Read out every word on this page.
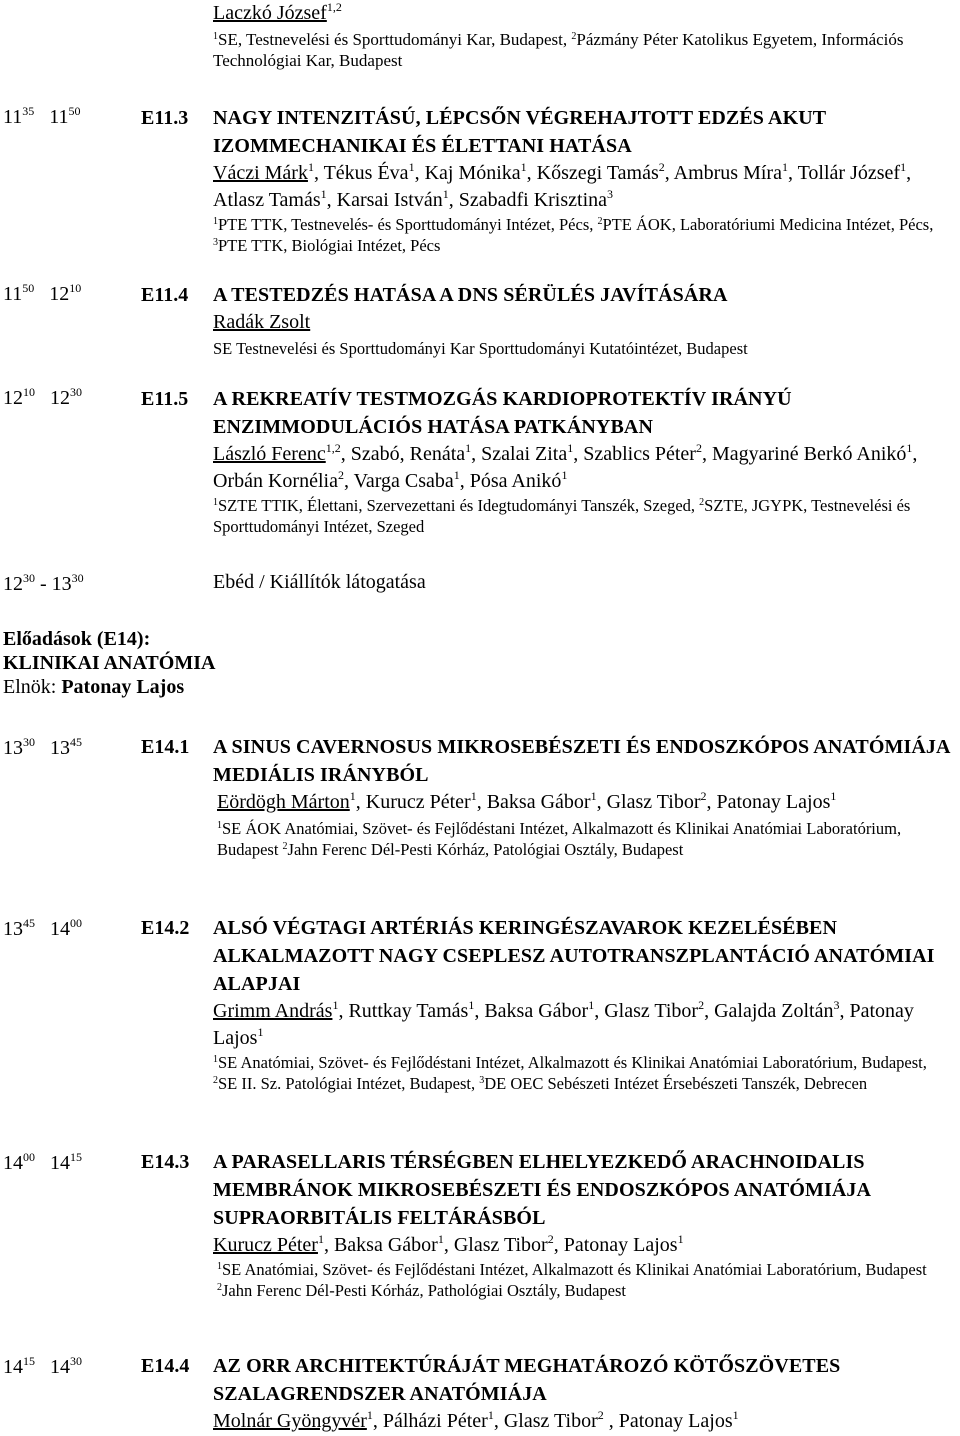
Laczkó József$^{1,2}$

$^1$SE, Testnevelési és Sporttudományi Kar, Budapest, $^2$Pázmány Péter Katolikus Egyetem, Információs Technológiai Kar, Budapest

$11^{35}$ $11^{50}$	E11.3 NAGY INTENZITÁSÚ, LÉPCSŐN VÉGREHAJTOTT EDZÉS AKUT IZOMMECHANIKAI ÉS ÉLETTANI HATÁSA

Váczi Márk$^1$, Tékus Éva$^1$, Kaj Mónika$^1$, Kőszegi Tamás$^2$, Ambrus Míra$^1$, Tollár József$^1$, Atlasz Tamás$^1$, Karsai István$^1$, Szabadfi Krisztina$^3$

$^1$PTE TTK, Testnevelés- és Sporttudományi Intézet, Pécs, $^2$PTE ÁOK, Laboratóriumi Medicina Intézet, Pécs, $^3$PTE TTK, Biológiai Intézet, Pécs

$11^{50}$ $12^{10}$	E11.4 A TESTEDZÉS HATÁSA A DNS SÉRÜLÉS JAVÍTÁSÁRA

Radák Zsolt

SE Testnevelési és Sporttudományi Kar Sporttudományi Kutatóintézet, Budapest

$12^{10}$ $12^{30}$	E11.5 A REKREATÍV TESTMOZGÁS KARDIOPROTEKTÍV IRÁNYÚ ENZIMMODULÁCIÓS HATÁSA PATKÁNYBAN

László Ferenc$^{1,2}$, Szabó, Renáta$^1$, Szalai Zita$^1$, Szablics Péter$^2$, Magyariné Berkó Anikó$^1$, Orbán Kornélia$^2$, Varga Csaba$^1$, Pósa Anikó$^1$

$^1$SZTE TTIK, Élettani, Szervezettani és Idegtudományi Tanszék, Szeged, $^2$SZTE, JGYPK, Testnevelési és Sporttudományi Intézet, Szeged

$12^{30} - 13^{30}$	Ebéd / Kiállítók látogatása

Előadások (E14):
KLINIKAI ANATÓMIA
Elnök: Patonay Lajos
$13^{30}$ $13^{45}$	E14.1 A SINUS CAVERNOSUS MIKROSEBÉSZETI ÉS ENDOSZKÓPOS ANATÓMIÁJA MEDIÁLIS IRÁNYBÓL

Eördögh Márton$^1$, Kurucz Péter$^1$, Baksa Gábor$^1$, Glasz Tibor$^2$, Patonay Lajos$^1$

$^1$SE ÁOK Anatómiai, Szövet- és Fejlődéstani Intézet, Alkalmazott és Klinikai Anatómiai Laboratórium, Budapest $^2$Jahn Ferenc Dél-Pesti Kórház, Patológiai Osztály, Budapest

$13^{45}$ $14^{00}$	E14.2 ALSÓ VÉGTAGI ARTÉRIÁS KERINGÉSZAVAROK KEZELÉSÉBEN ALKALMAZOTT NAGY CSEPLESZ AUTOTRANSZPLANTÁCIÓ ANATÓMIAI ALAPJAI

Grimm András$^1$, Ruttkay Tamás$^1$, Baksa Gábor$^1$, Glasz Tibor$^2$, Galajda Zoltán$^3$, Patonay Lajos$^1$

$^1$SE Anatómiai, Szövet- és Fejlődéstani Intézet, Alkalmazott és Klinikai Anatómiai Laboratórium, Budapest, $^2$SE II. Sz. Patológiai Intézet, Budapest, $^3$DE OEC Sebészeti Intézet Érsebészeti Tanszék, Debrecen

$14^{00}$ $14^{15}$	E14.3 A PARASELLARIS TÉRSÉGBEN ELHELYEZKEDŐ ARACHNOIDALIS MEMBRÁNOK MIKROSEBÉSZETI ÉS ENDOSZKÓPOS ANATÓMIÁJA SUPRAORBITÁLIS FELTÁRÁSBÓL

Kurucz Péter$^1$, Baksa Gábor$^1$, Glasz Tibor$^2$, Patonay Lajos$^1$

$^1$SE Anatómiai, Szövet- és Fejlődéstani Intézet, Alkalmazott és Klinikai Anatómiai Laboratórium, Budapest $^2$Jahn Ferenc Dél-Pesti Kórház, Pathológiai Osztály, Budapest

$14^{15}$ $14^{30}$	E14.4 AZ ORR ARCHITEKTÚRÁJÁT MEGHATÁROZÓ KÖTŐSZÖVETES SZALAGRENDSZER ANATÓMIÁJA

Molnár Gyöngyvér$^1$, Pálházi Péter$^1$, Glasz Tibor$^2$ , Patonay Lajos$^1$
